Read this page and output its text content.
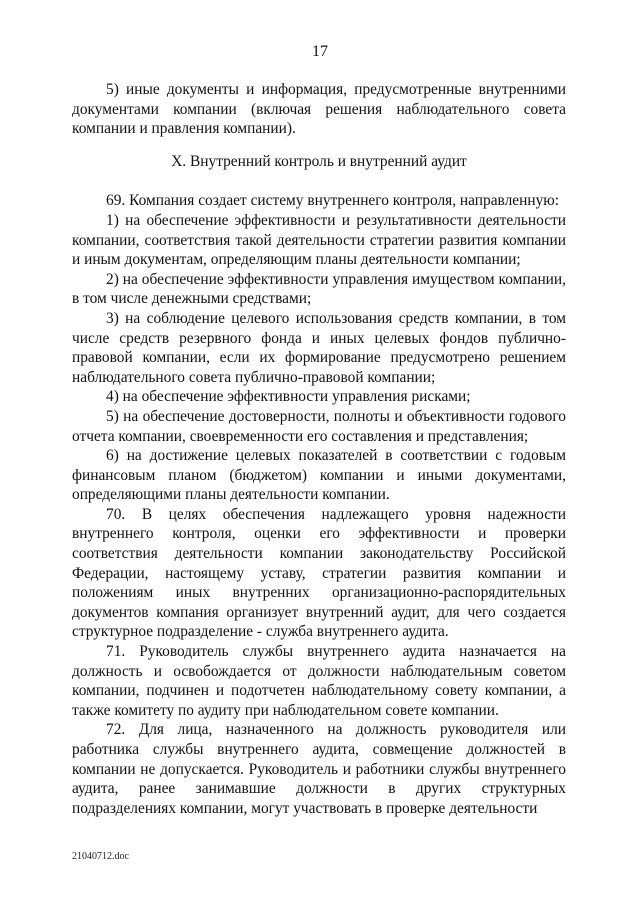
17

5) иные документы и информация, предусмотренные внутренними документами компании (включая решения наблюдательного совета компании и правления компании).

X. Внутренний контроль и внутренний аудит

69. Компания создает систему внутреннего контроля, направленную:

1) на обеспечение эффективности и результативности деятельности компании, соответствия такой деятельности стратегии развития компании и иным документам, определяющим планы деятельности компании;

2) на обеспечение эффективности управления имуществом компании, в том числе денежными средствами;

3) на соблюдение целевого использования средств компании, в том числе средств резервного фонда и иных целевых фондов публично-правовой компании, если их формирование предусмотрено решением наблюдательного совета публично-правовой компании;

4) на обеспечение эффективности управления рисками;

5) на обеспечение достоверности, полноты и объективности годового отчета компании, своевременности его составления и представления;

6) на достижение целевых показателей в соответствии с годовым финансовым планом (бюджетом) компании и иными документами, определяющими планы деятельности компании.

70. В целях обеспечения надлежащего уровня надежности внутреннего контроля, оценки его эффективности и проверки соответствия деятельности компании законодательству Российской Федерации, настоящему уставу, стратегии развития компании и положениям иных внутренних организационно-распорядительных документов компания организует внутренний аудит, для чего создается структурное подразделение - служба внутреннего аудита.

71. Руководитель службы внутреннего аудита назначается на должность и освобождается от должности наблюдательным советом компании, подчинен и подотчетен наблюдательному совету компании, а также комитету по аудиту при наблюдательном совете компании.

72. Для лица, назначенного на должность руководителя или работника службы внутреннего аудита, совмещение должностей в компании не допускается. Руководитель и работники службы внутреннего аудита, ранее занимавшие должности в других структурных подразделениях компании, могут участвовать в проверке деятельности

21040712.doc
